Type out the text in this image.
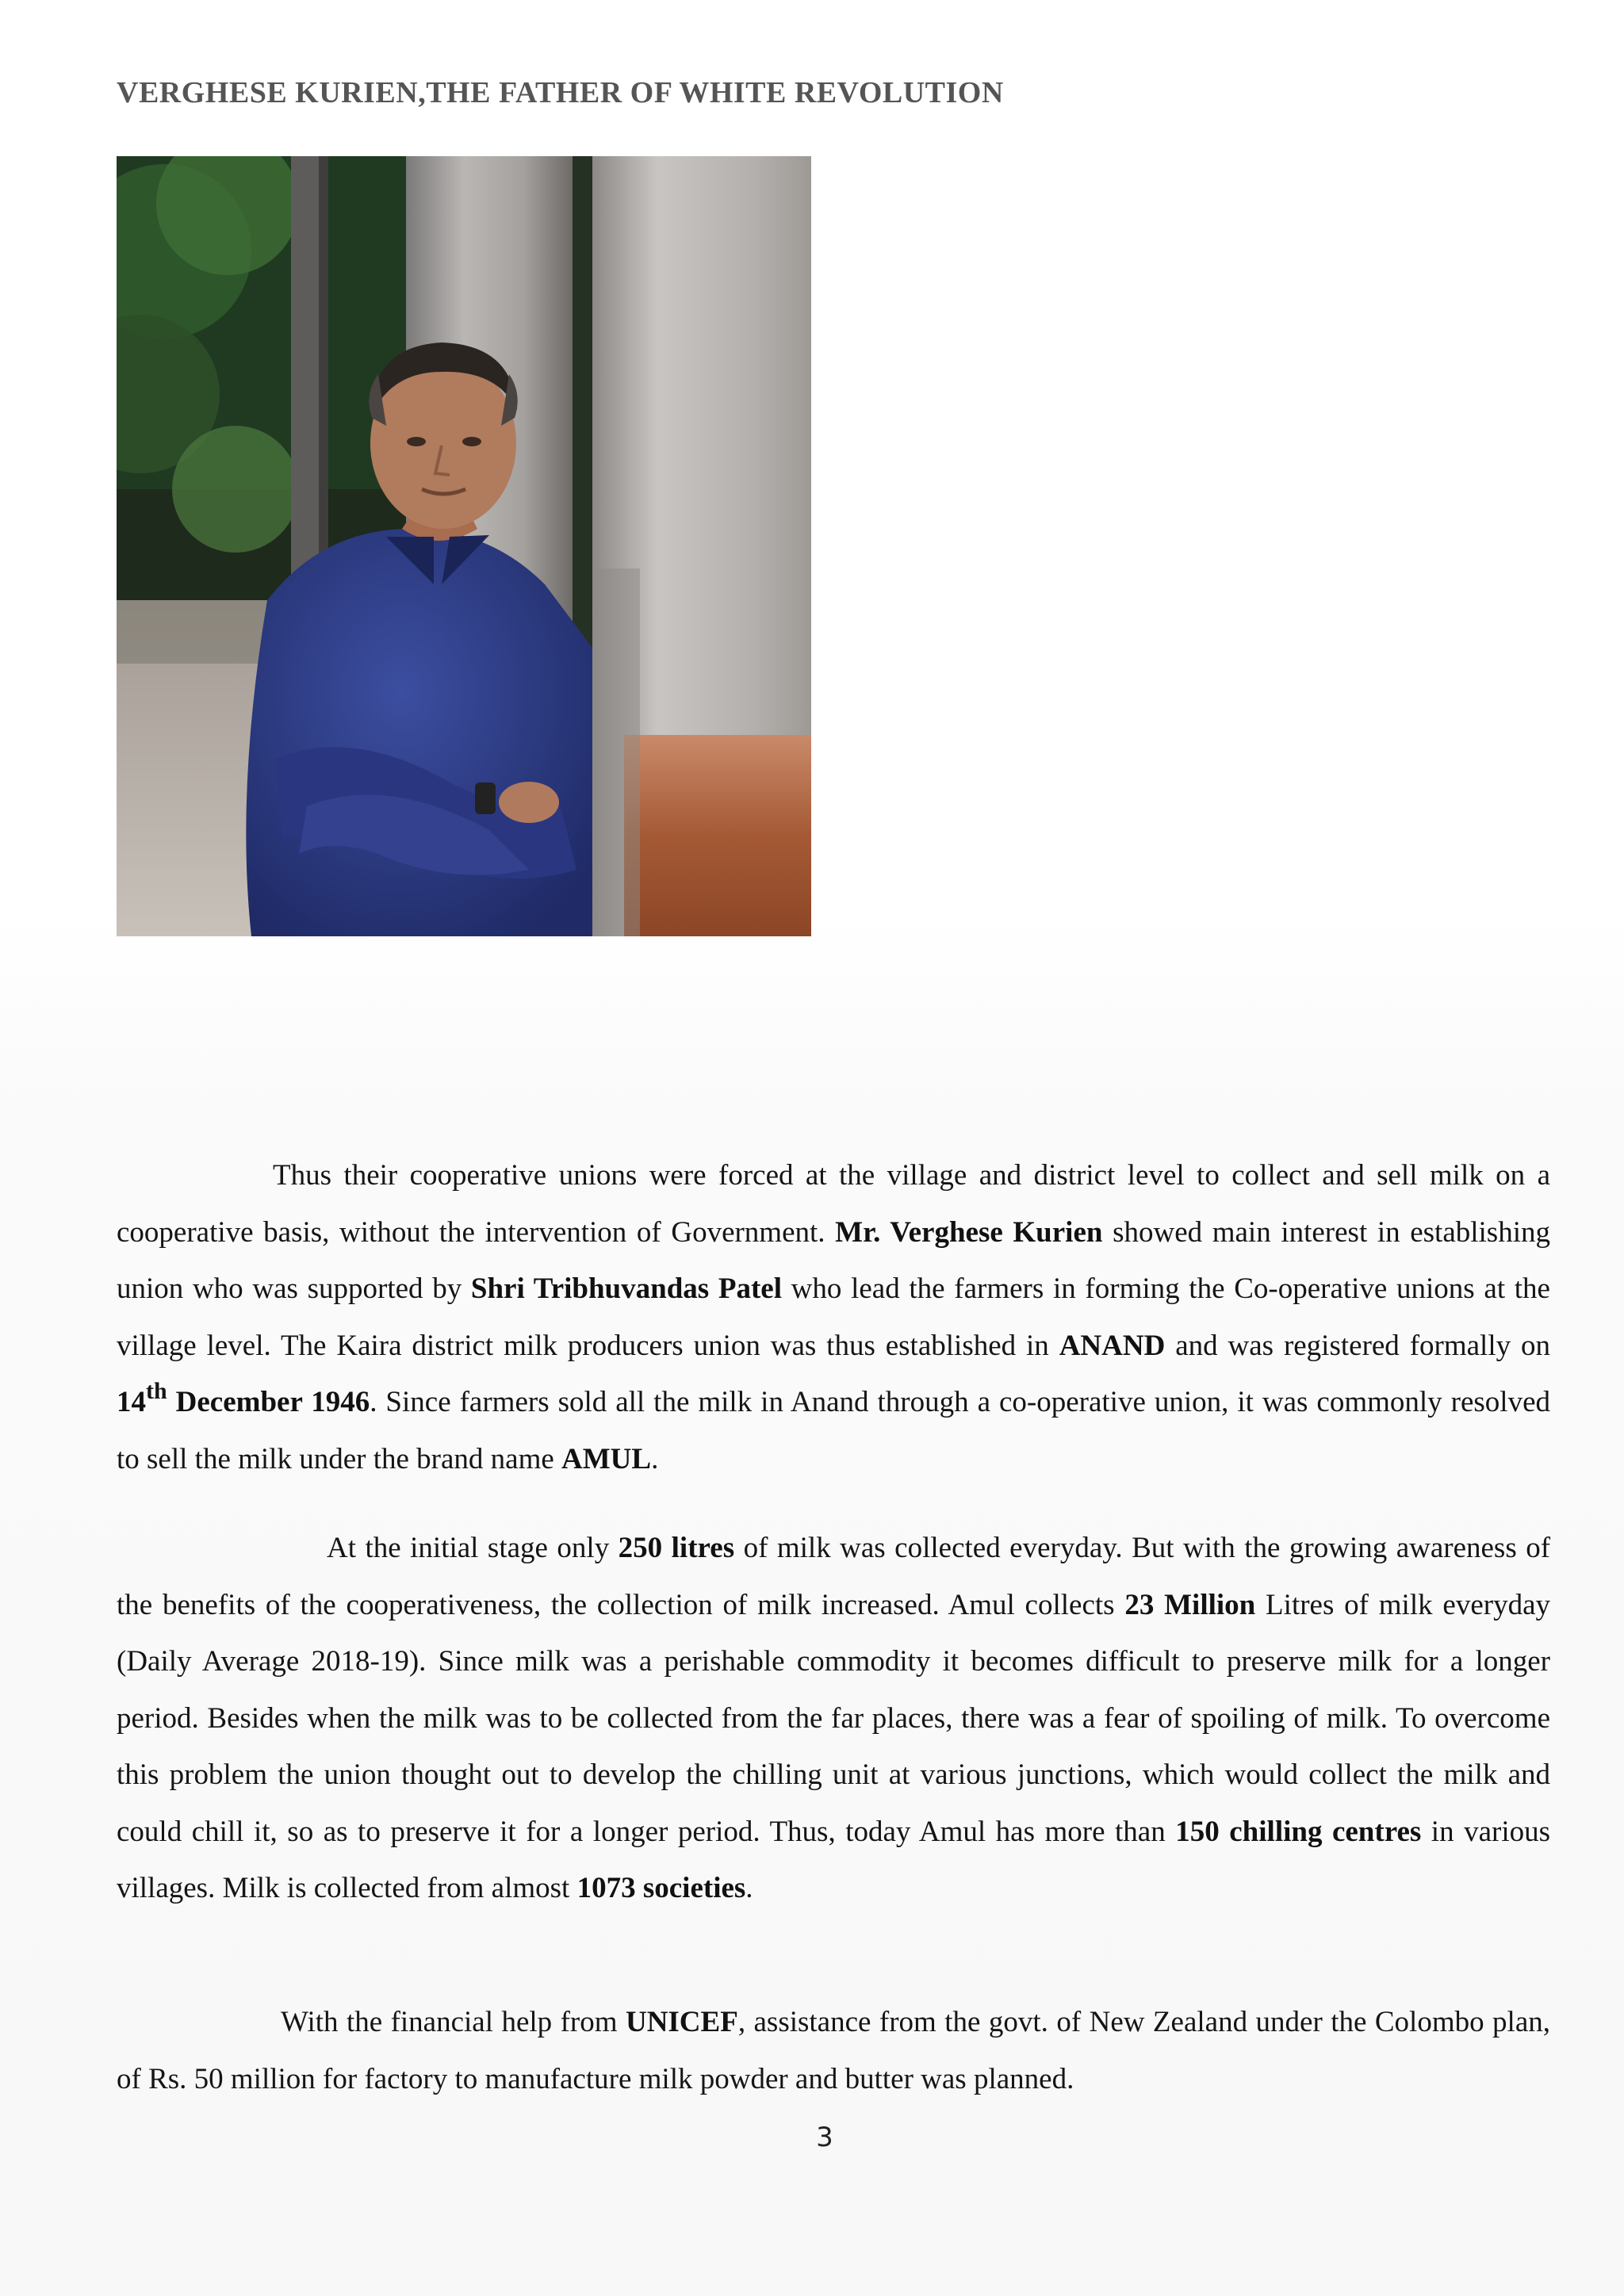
VERGHESE KURIEN,THE FATHER OF WHITE REVOLUTION

Thus their cooperative unions were forced at the village and district level to collect and sell milk on a cooperative basis, without the intervention of Government. Mr. Verghese Kurien showed main interest in establishing union who was supported by Shri Tribhuvandas Patel who lead the farmers in forming the Co-operative unions at the village level. The Kaira district milk producers union was thus established in ANAND and was registered formally on 14th December 1946. Since farmers sold all the milk in Anand through a co-operative union, it was commonly resolved to sell the milk under the brand name AMUL.

At the initial stage only 250 litres of milk was collected everyday. But with the growing awareness of the benefits of the cooperativeness, the collection of milk increased. Amul collects 23 Million Litres of milk everyday (Daily Average 2018-19). Since milk was a perishable commodity it becomes difficult to preserve milk for a longer period. Besides when the milk was to be collected from the far places, there was a fear of spoiling of milk. To overcome this problem the union thought out to develop the chilling unit at various junctions, which would collect the milk and could chill it, so as to preserve it for a longer period. Thus, today Amul has more than 150 chilling centres in various villages. Milk is collected from almost 1073 societies.

With the financial help from UNICEF, assistance from the govt. of New Zealand under the Colombo plan, of Rs. 50 million for factory to manufacture milk powder and butter was planned.

3
